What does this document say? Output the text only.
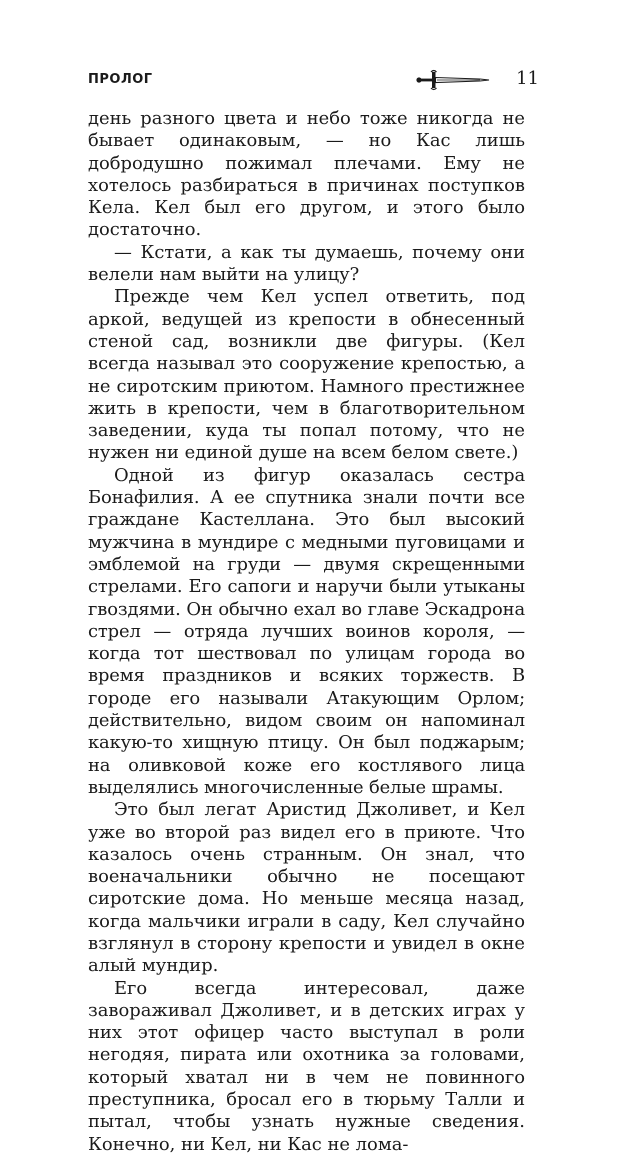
ПРОЛОГ	11

день разного цвета и небо тоже никогда не бывает одинаковым, — но Кас лишь добродушно пожимал плечами. Ему не хотелось разбираться в причинах поступков Кела. Кел был его другом, и этого было достаточно.

— Кстати, а как ты думаешь, почему они велели нам выйти на улицу?

Прежде чем Кел успел ответить, под аркой, ведущей из крепости в обнесенный стеной сад, возникли две фигуры. (Кел всегда называл это сооружение крепостью, а не сиротским приютом. Намного престижнее жить в крепости, чем в благотворительном заведении, куда ты попал потому, что не нужен ни единой душе на всем белом свете.)

Одной из фигур оказалась сестра Бонафилия. А ее спутника знали почти все граждане Кастеллана. Это был высокий мужчина в мундире с медными пуговицами и эмблемой на груди — двумя скрещенными стрелами. Его сапоги и наручи были утыканы гвоздями. Он обычно ехал во главе Эскадрона стрел — отряда лучших воинов короля, — когда тот шествовал по улицам города во время праздников и всяких торжеств. В городе его называли Атакующим Орлом; действительно, видом своим он напоминал какую-то хищную птицу. Он был поджарым; на оливковой коже его костлявого лица выделялись многочисленные белые шрамы.

Это был легат Аристид Джоливет, и Кел уже во второй раз видел его в приюте. Что казалось очень странным. Он знал, что военачальники обычно не посещают сиротские дома. Но меньше месяца назад, когда мальчики играли в саду, Кел случайно взглянул в сторону крепости и увидел в окне алый мундир.

Его всегда интересовал, даже завораживал Джоливет, и в детских играх у них этот офицер часто выступал в роли негодяя, пирата или охотника за головами, который хватал ни в чем не повинного преступника, бросал его в тюрьму Талли и пытал, чтобы узнать нужные сведения. Конечно, ни Кел, ни Кас не лома-
